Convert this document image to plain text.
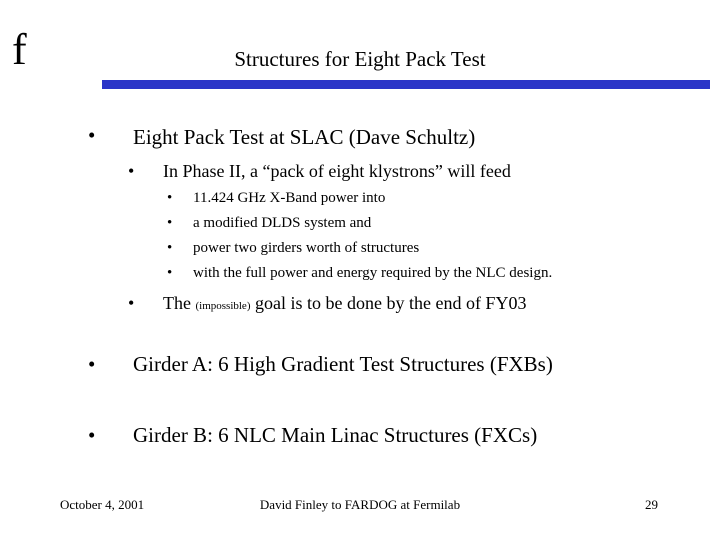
f	Structures for Eight Pack Test
• Eight Pack Test at SLAC (Dave Schultz)
• In Phase II, a “pack of eight klystrons” will feed
• 11.424 GHz X-Band power into
• a modified DLDS system and
• power two girders worth of structures
• with the full power and energy required by the NLC design.
• The (impossible) goal is to be done by the end of FY03
• Girder A: 6 High Gradient Test Structures (FXBs)
• Girder B: 6 NLC Main Linac Structures (FXCs)
October 4, 2001	David Finley to FARDOG at Fermilab	29
